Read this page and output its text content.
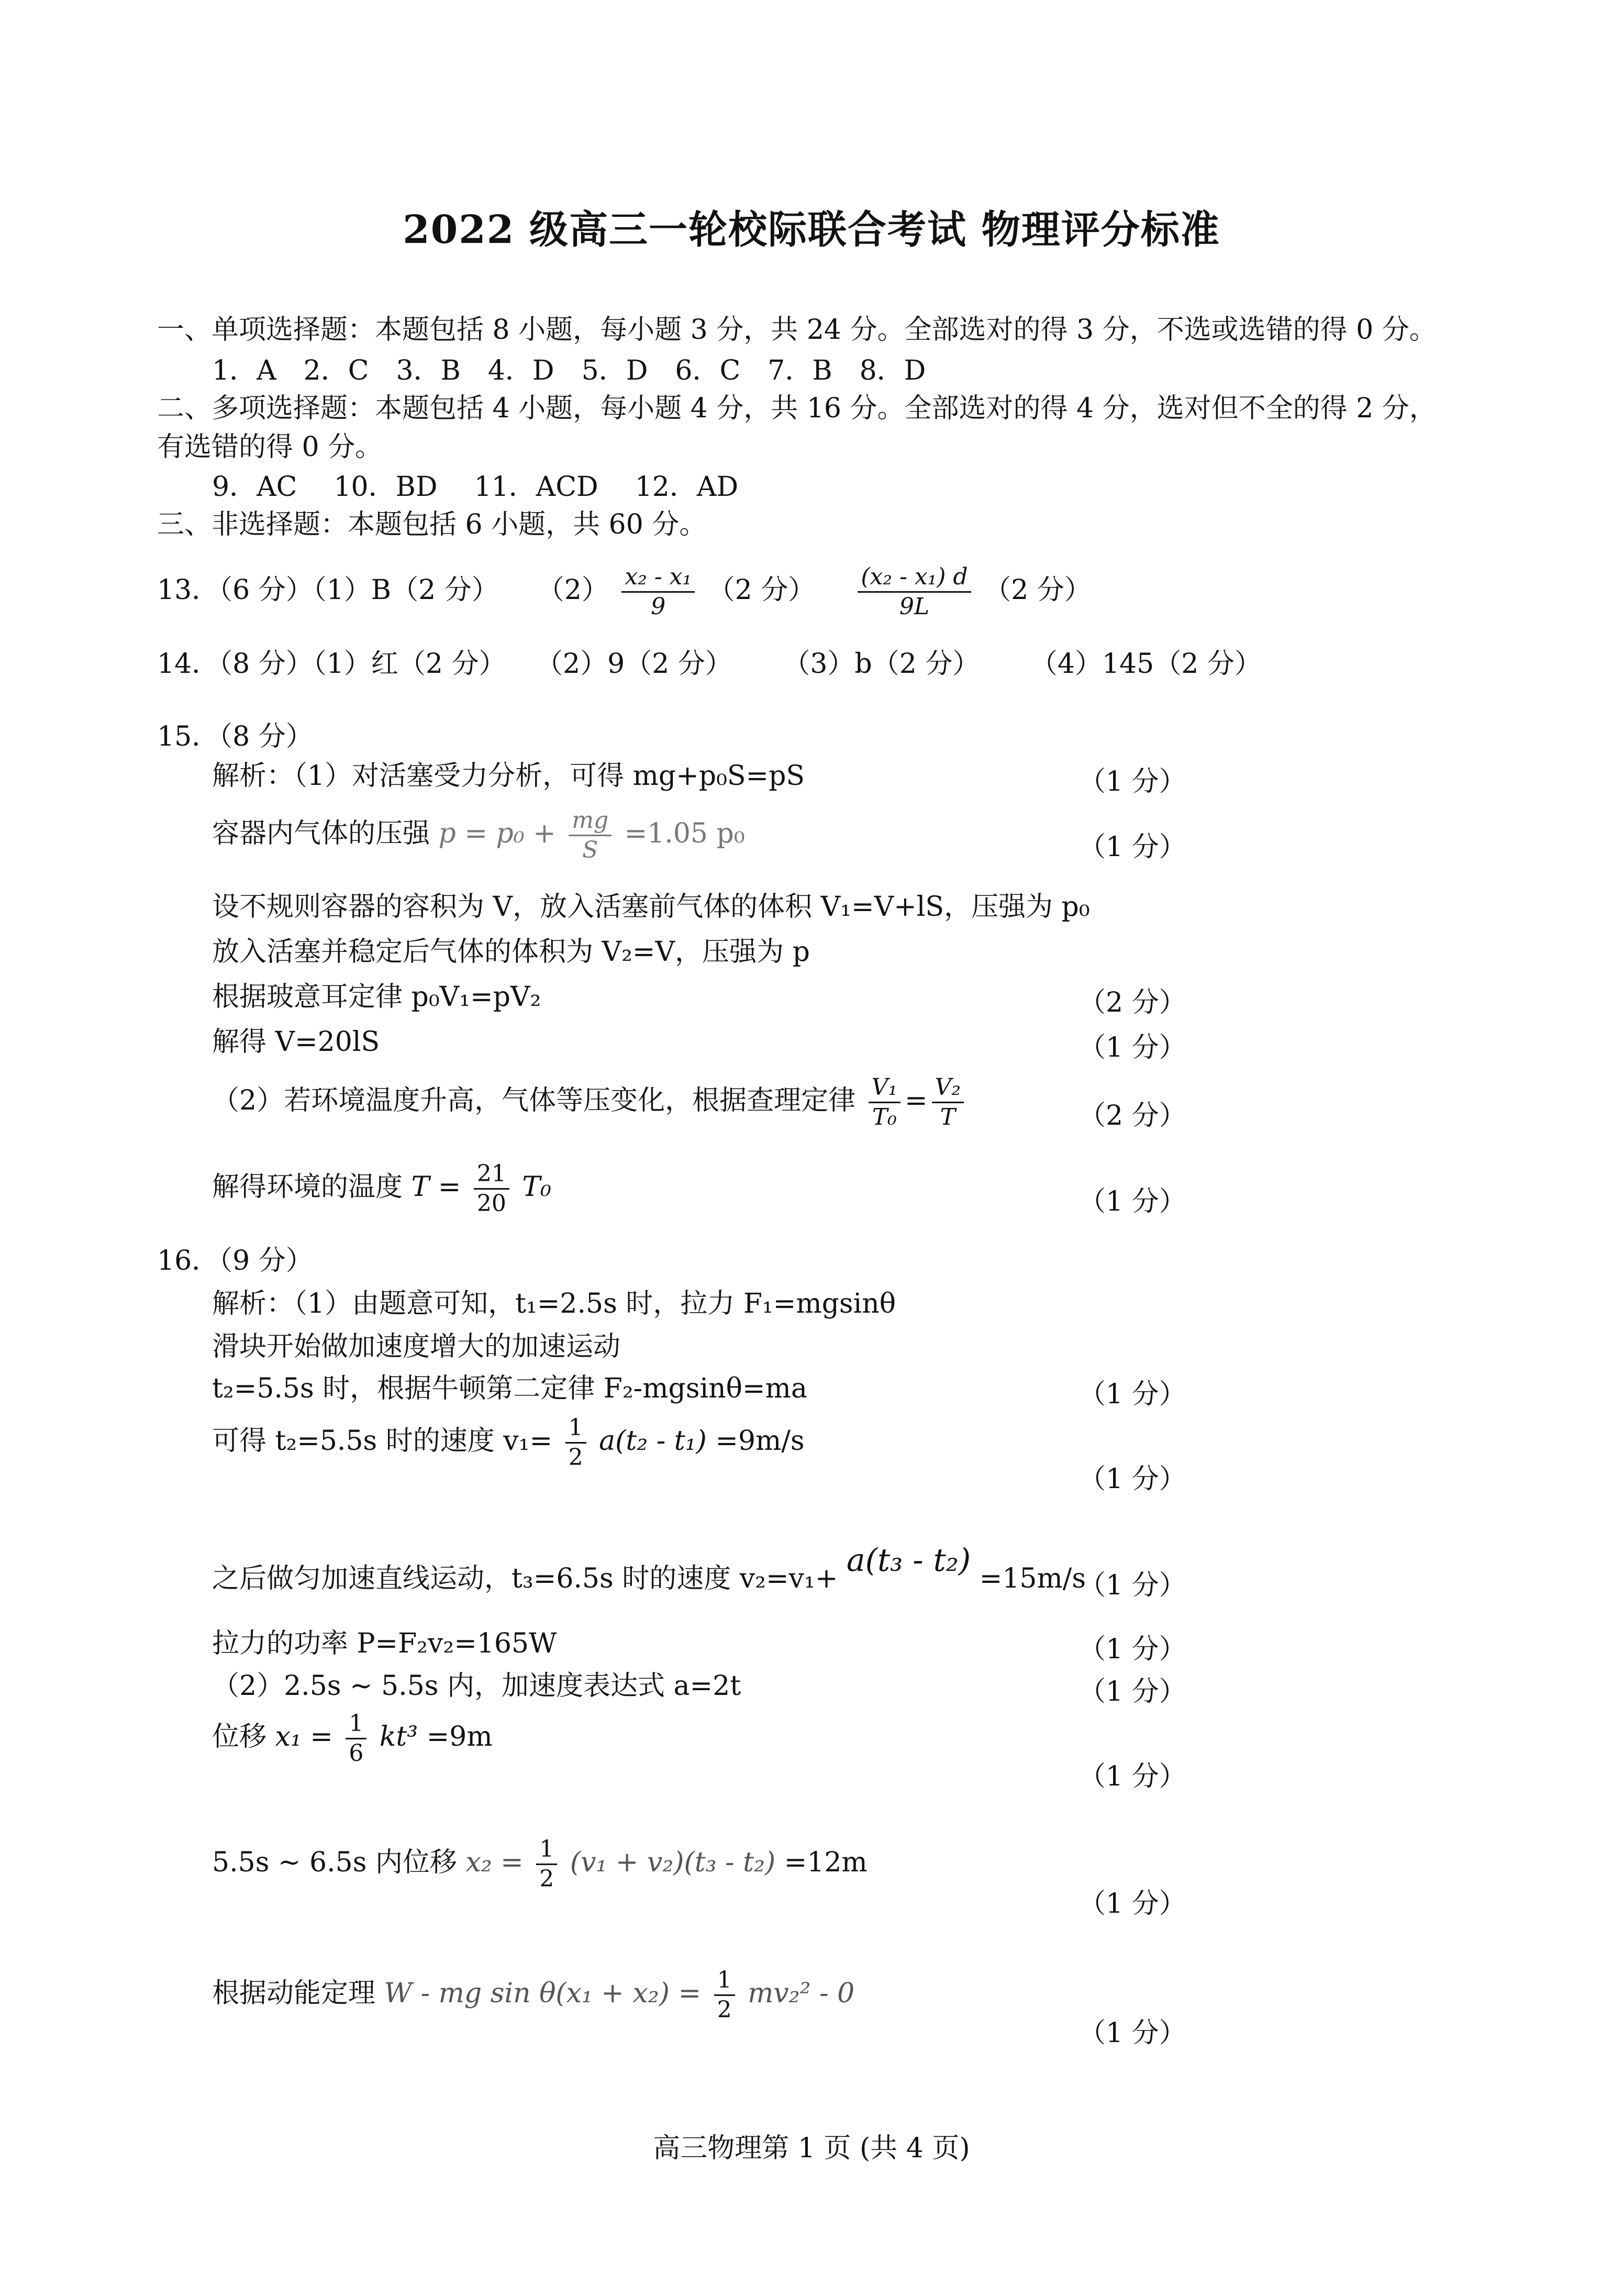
2022 级高三一轮校际联合考试 物理评分标准
一、单项选择题：本题包括 8 小题，每小题 3 分，共 24 分。全部选对的得 3 分，不选或选错的得 0 分。
1．A 2．C 3．B 4．D 5．D 6．C 7．B 8．D
二、多项选择题：本题包括 4 小题，每小题 4 分，共 16 分。全部选对的得 4 分，选对但不全的得 2 分，
有选错的得 0 分。
9．AC 10．BD 11．ACD 12．AD
三、非选择题：本题包括 6 小题，共 60 分。
13．（6 分）（1）B（2 分） $(2) \frac{\text{x₂ - x₁}}{9} (2$ 分） $\frac{\text{(x₂ - x₁) d}}{9L} (2$ 分）
14．（8 分）（1）红（2 分） （2）9（2 分） （3）b（2 分） （4）145（2 分）
15．（8 分）
解析：（1）对活塞受力分析，可得 mg+p₀S=pS	（1 分）
容器内气体的压强 $p = p_0 + \frac{mg}{S} =1.05$ p₀	（1 分）
设不规则容器的容积为 V，放入活塞前气体的体积 V₁=V+lS，压强为 p₀
放入活塞并稳定后气体的体积为 V₂=V，压强为 p
根据玻意耳定律 p₀V₁=pV₂	（2 分）
解得 V=20lS	（1 分）
（2）若环境温度升高，气体等压变化，根据查理定律 $\frac{\text{V₁}}{\text{T₀}} = \frac{\text{V₂}}{T}$	（2 分）
解得环境的温度 $T = \frac{21}{20} T_0$	（1 分）
16．（9 分）
解析：（1）由题意可知，t₁=2.5s 时，拉力 F₁=mgsinθ
滑块开始做加速度增大的加速运动
t₂=5.5s 时，根据牛顿第二定律 F₂-mgsinθ=ma	（1 分）
可得 t₂=5.5s 时的速度 $v_1= \frac{1}{2} a(t_2 - t_1) =9m/s$
（1 分）
之后做匀加速直线运动，t₃=6.5s 时的速度 v₂=v₁+ a(t₃ - t₂) =15m/s
（1 分）
拉力的功率 P=F₂v₂=165W	（1 分）
（2）2.5s ~ 5.5s 内，加速度表达式 a=2t	（1 分）
位移 $x_1 = \frac{1}{6} kt^3 =9m$
（1 分）
5.5s ~ 6.5s 内位移 $x_2 = \frac{1}{2} (v_1 + v_2)(t_3 - t_2) =12m$
（1 分）
根据动能定理 W - mg $\sin \theta(x_1 + x_2) = \frac{1}{2} mv_2^2 - 0$
（1 分）
高三物理第 1 页 (共 4 页)
